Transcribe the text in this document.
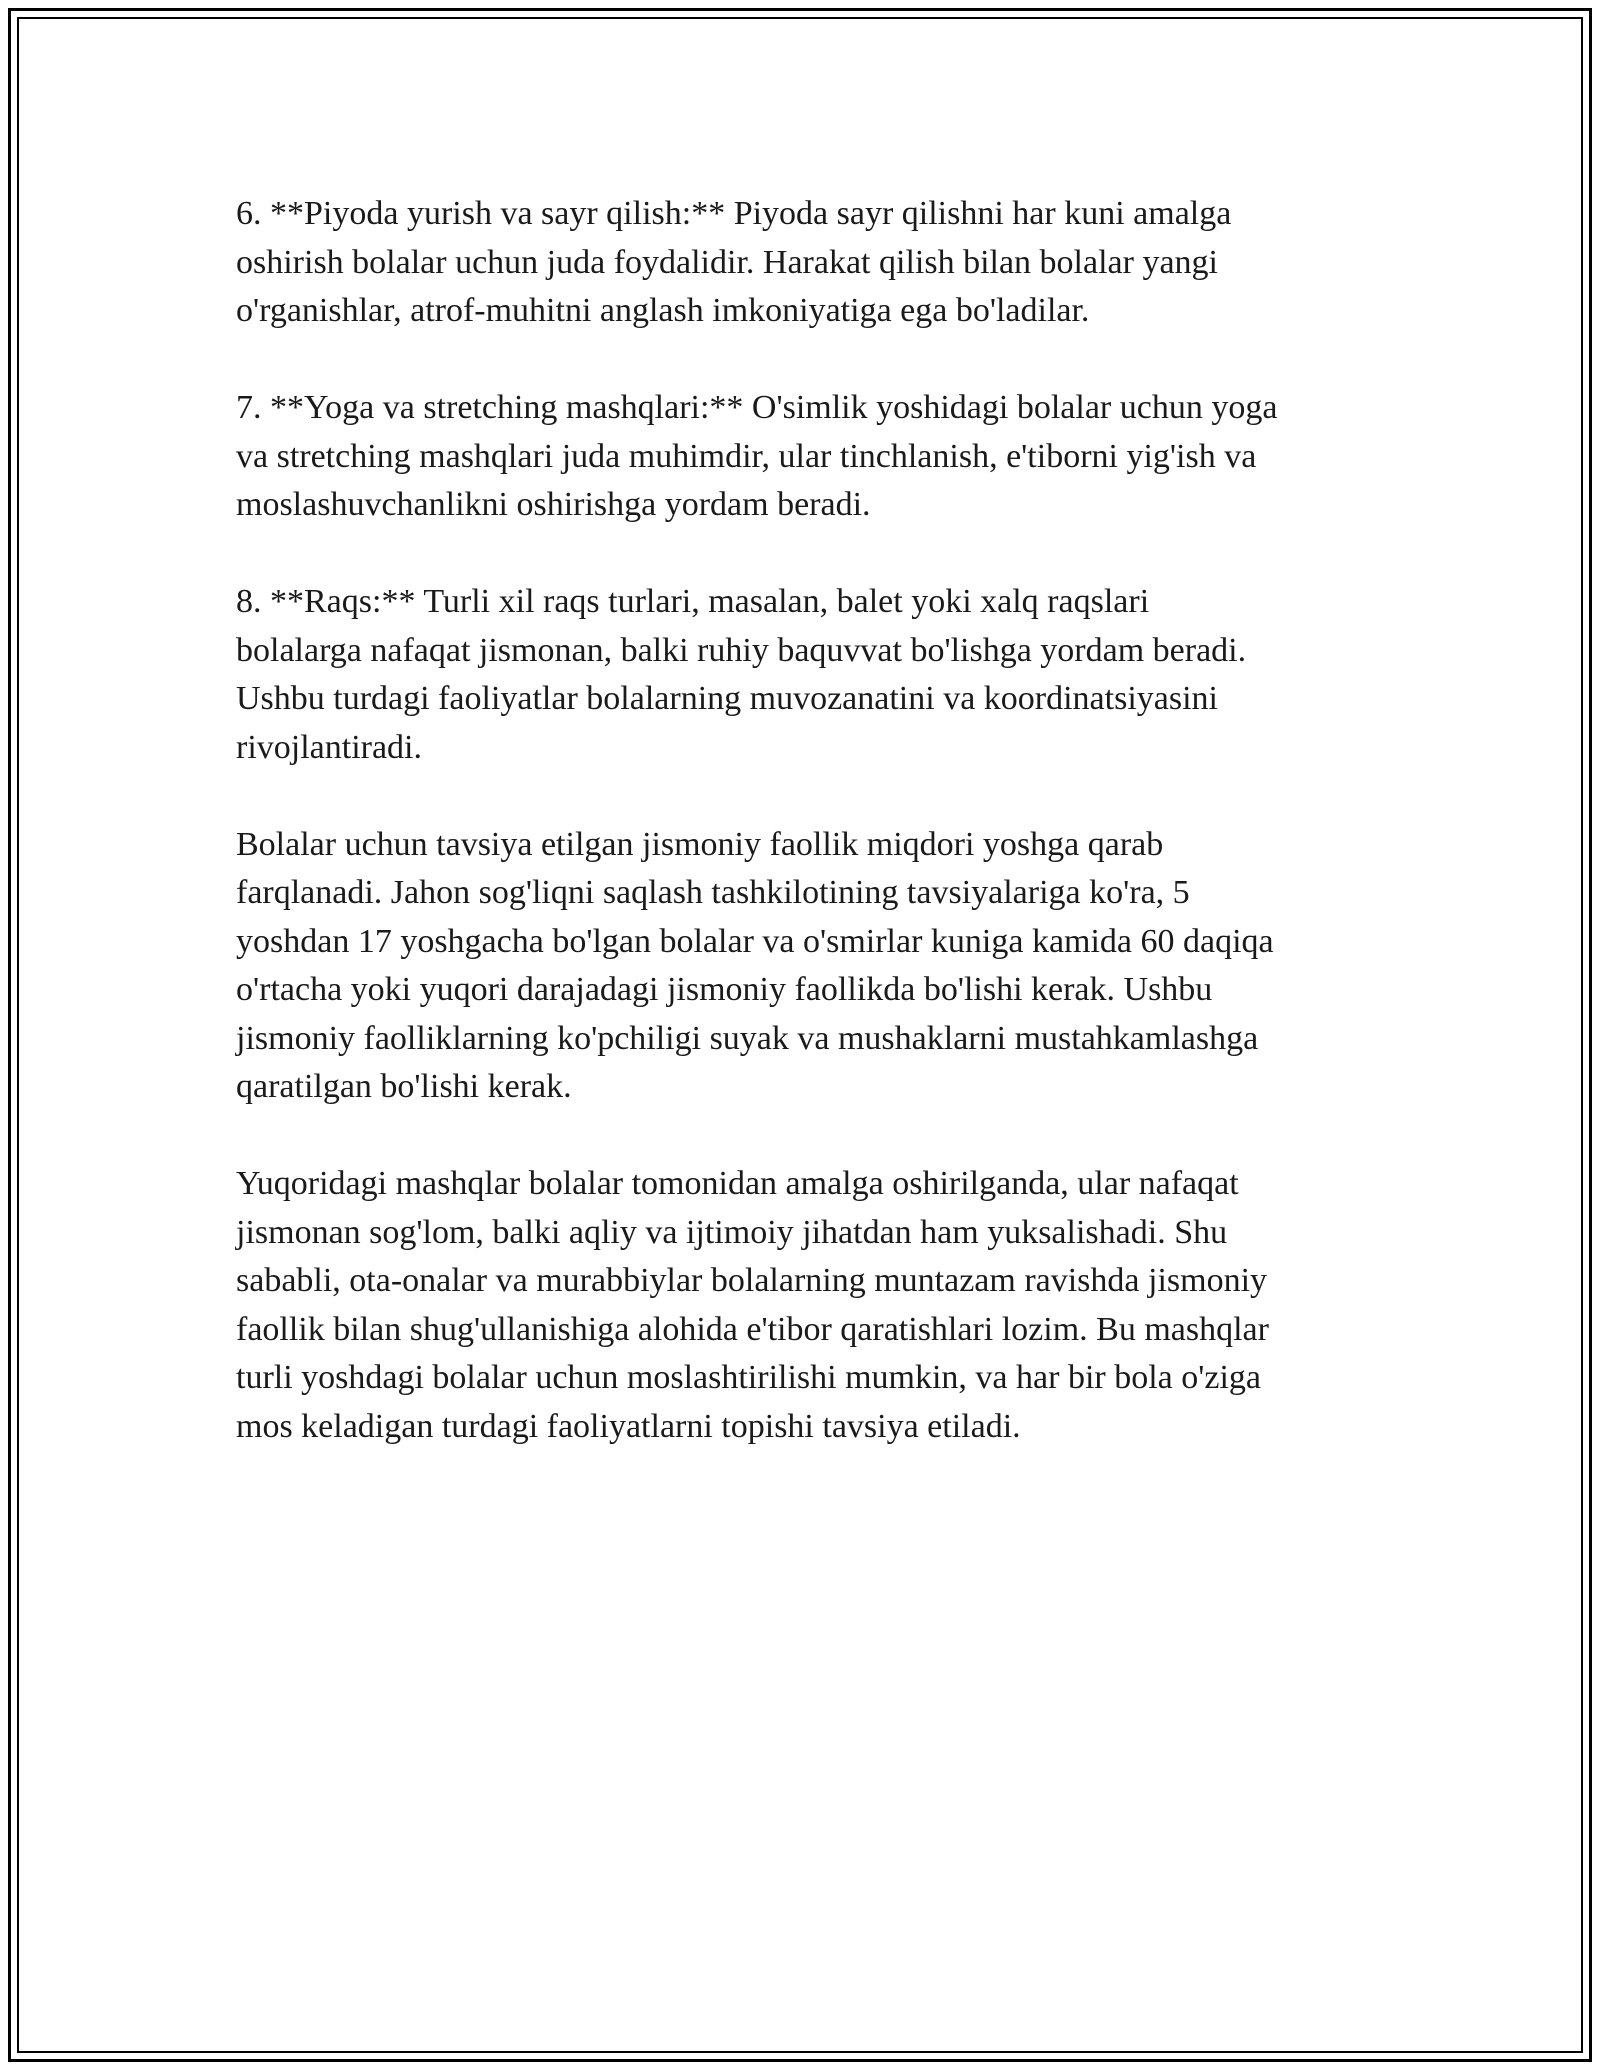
6. **Piyoda yurish va sayr qilish:** Piyoda sayr qilishni har kuni amalga
oshirish bolalar uchun juda foydalidir. Harakat qilish bilan bolalar yangi
o'rganishlar, atrof-muhitni anglash imkoniyatiga ega bo'ladilar.

7. **Yoga va stretching mashqlari:** O'simlik yoshidagi bolalar uchun yoga
va stretching mashqlari juda muhimdir, ular tinchlanish, e'tiborni yig'ish va
moslashuvchanlikni oshirishga yordam beradi.

8. **Raqs:** Turli xil raqs turlari, masalan, balet yoki xalq raqslari
bolalarga nafaqat jismonan, balki ruhiy baquvvat bo'lishga yordam beradi.
Ushbu turdagi faoliyatlar bolalarning muvozanatini va koordinatsiyasini
rivojlantiradi.

Bolalar uchun tavsiya etilgan jismoniy faollik miqdori yoshga qarab
farqlanadi. Jahon sog'liqni saqlash tashkilotining tavsiyalariga ko'ra, 5
yoshdan 17 yoshgacha bo'lgan bolalar va o'smirlar kuniga kamida 60 daqiqa
o'rtacha yoki yuqori darajadagi jismoniy faollikda bo'lishi kerak. Ushbu
jismoniy faolliklarning ko'pchiligi suyak va mushaklarni mustahkamlashga
qaratilgan bo'lishi kerak.

Yuqoridagi mashqlar bolalar tomonidan amalga oshirilganda, ular nafaqat
jismonan sog'lom, balki aqliy va ijtimoiy jihatdan ham yuksalishadi. Shu
sababli, ota-onalar va murabbiylar bolalarning muntazam ravishda jismoniy
faollik bilan shug'ullanishiga alohida e'tibor qaratishlari lozim. Bu mashqlar
turli yoshdagi bolalar uchun moslashtirilishi mumkin, va har bir bola o'ziga
mos keladigan turdagi faoliyatlarni topishi tavsiya etiladi.
